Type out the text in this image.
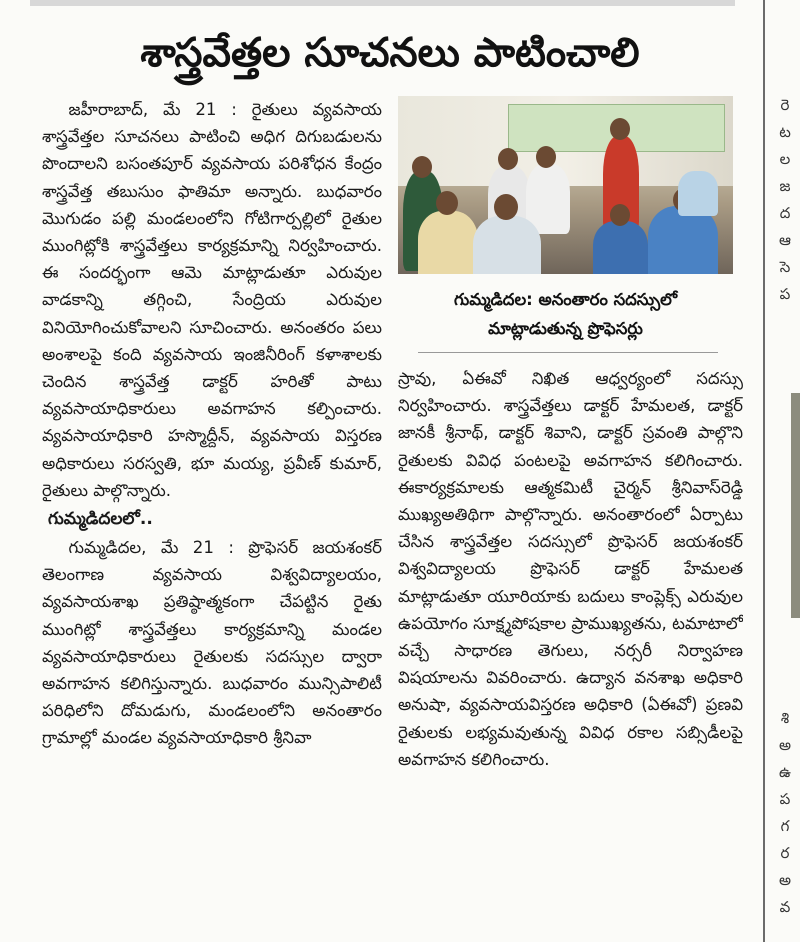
శాస్త్రవేత్తల సూచనలు పాటించాలి

జహీరాబాద్, మే 21 : రైతులు వ్యవసాయ శాస్త్రవేత్తల సూచనలు పాటించి అధిగ దిగుబడులను పొందాలని బసంతపూర్ వ్యవసాయ పరిశోధన కేంద్రం శాస్త్రవేత్త తబుసుం ఫాతిమా అన్నారు. బుధవారం మొగుడం పల్లి మండలంలోని గోటిగార్పల్లిలో రైతుల ముంగిట్లోకి శాస్త్రవేత్తలు కార్యక్రమాన్ని నిర్వహించారు. ఈ సందర్భంగా ఆమె మాట్లాడుతూ ఎరువుల వాడకాన్ని తగ్గించి, సేంద్రియ ఎరువుల వినియోగించుకోవాలని సూచించారు. అనంతరం పలు అంశాలపై కంది వ్యవసాయ ఇంజినీరింగ్ కళాశాలకు చెందిన శాస్త్రవేత్త డాక్టర్ హరితో పాటు వ్యవసాయాధికారులు అవగాహన కల్పించారు. వ్యవసాయాధికారి హస్మొద్దీన్, వ్యవసాయ విస్తరణ అధికారులు సరస్వతి, భూ మయ్య, ప్రవీణ్ కుమార్, రైతులు పాల్గొన్నారు.

గుమ్మడిదలలో..

గుమ్మడిదల, మే 21 : ప్రొఫెసర్ జయశంకర్ తెలంగాణ వ్యవసాయ విశ్వవిద్యాలయం, వ్యవసాయశాఖ ప్రతిష్ఠాత్మకంగా చేపట్టిన రైతు ముంగిట్లో శాస్త్రవేత్తలు కార్యక్రమాన్ని మండల వ్యవసాయాధికారులు రైతులకు సదస్సుల ద్వారా అవగాహన కలిగిస్తున్నారు. బుధవారం మున్సిపాలిటీ పరిధిలోని దోమడుగు, మండలంలోని అనంతారం గ్రామాల్లో మండల వ్యవసాయాధికారి శ్రీనివా

గుమ్మడిదల: అనంతారం సదస్సులో
మాట్లాడుతున్న ప్రొఫెసర్లు

స్రావు, ఏఈవో నిఖిత ఆధ్వర్యంలో సదస్సు నిర్వహించారు. శాస్త్రవేత్తలు డాక్టర్ హేమలత, డాక్టర్ జానకీ శ్రీనాథ్, డాక్టర్ శివాని, డాక్టర్ స్రవంతి పాల్గొని రైతులకు వివిధ పంటలపై అవగాహన కలిగించారు. ఈకార్యక్రమాలకు ఆత్మకమిటీ చైర్మన్ శ్రీనివాస్‌రెడ్డి ముఖ్యఅతిథిగా పాల్గొన్నారు. అనంతారంలో ఏర్పాటు చేసిన శాస్త్రవేత్తల సదస్సులో ప్రొఫెసర్ జయశంకర్ విశ్వవిద్యాలయ ప్రొఫెసర్ డాక్టర్ హేమలత మాట్లాడుతూ యూరియాకు బదులు కాంప్లెక్స్ ఎరువుల ఉపయోగం సూక్ష్మపోషకాల ప్రాముఖ్యతను, టమాటాలో వచ్చే సాధారణ తెగులు, నర్సరీ నిర్వాహణ విషయాలను వివరించారు. ఉద్యాన వనశాఖ అధికారి అనుషా, వ్యవసాయవిస్తరణ అధికారి (ఏఈవో) ప్రణవి రైతులకు లభ్యమవుతున్న వివిధ రకాల సబ్సిడీలపై అవగాహన కలిగించారు.

రె

ట

ల

జ

ద

ఆ

సె

ప

శి

అ

ఉ

ప

గ

ర

అ

వ
